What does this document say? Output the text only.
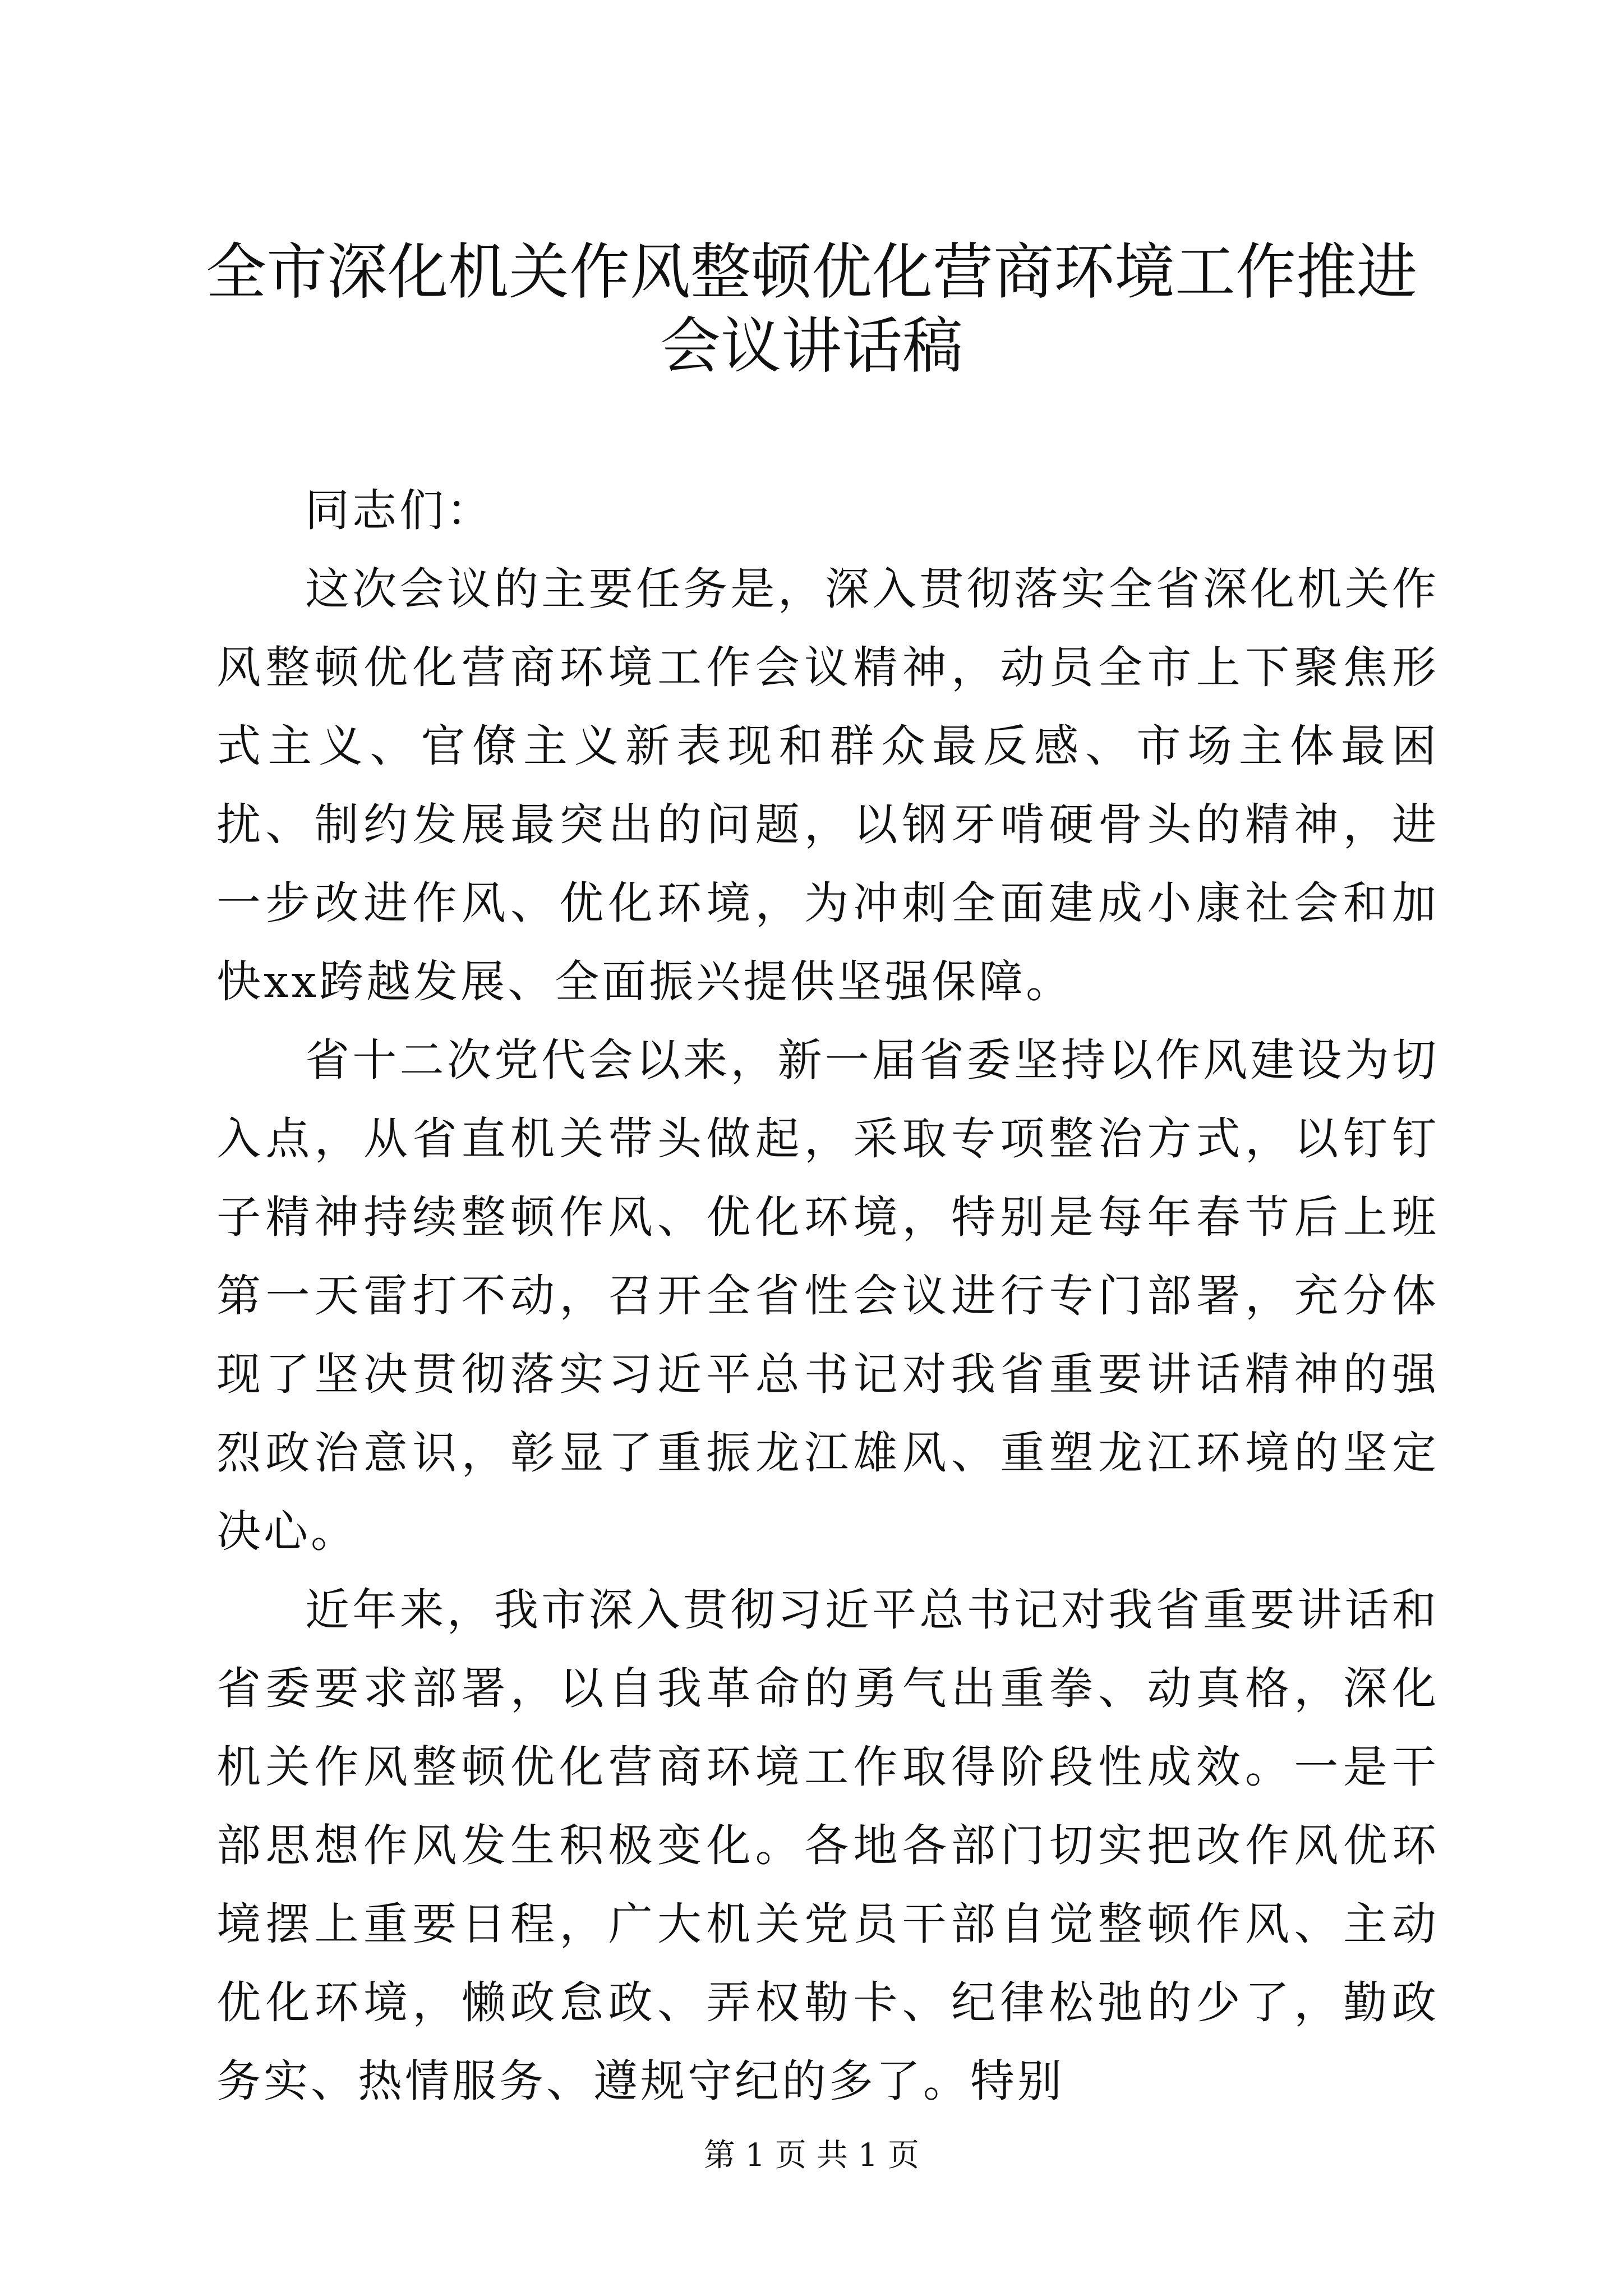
全市深化机关作风整顿优化营商环境工作推进
会议讲话稿

同志们：

这次会议的主要任务是，深入贯彻落实全省深化机关作风整顿优化营商环境工作会议精神，动员全市上下聚焦形式主义、官僚主义新表现和群众最反感、市场主体最困扰、制约发展最突出的问题，以钢牙啃硬骨头的精神，进一步改进作风、优化环境，为冲刺全面建成小康社会和加快xx跨越发展、全面振兴提供坚强保障。

省十二次党代会以来，新一届省委坚持以作风建设为切入点，从省直机关带头做起，采取专项整治方式，以钉钉子精神持续整顿作风、优化环境，特别是每年春节后上班第一天雷打不动，召开全省性会议进行专门部署，充分体现了坚决贯彻落实习近平总书记对我省重要讲话精神的强烈政治意识，彰显了重振龙江雄风、重塑龙江环境的坚定决心。

近年来，我市深入贯彻习近平总书记对我省重要讲话和省委要求部署，以自我革命的勇气出重拳、动真格，深化机关作风整顿优化营商环境工作取得阶段性成效。一是干部思想作风发生积极变化。各地各部门切实把改作风优环境摆上重要日程，广大机关党员干部自觉整顿作风、主动优化环境，懒政怠政、弄权勒卡、纪律松弛的少了，勤政务实、热情服务、遵规守纪的多了。特别

第 1 页 共 1 页
